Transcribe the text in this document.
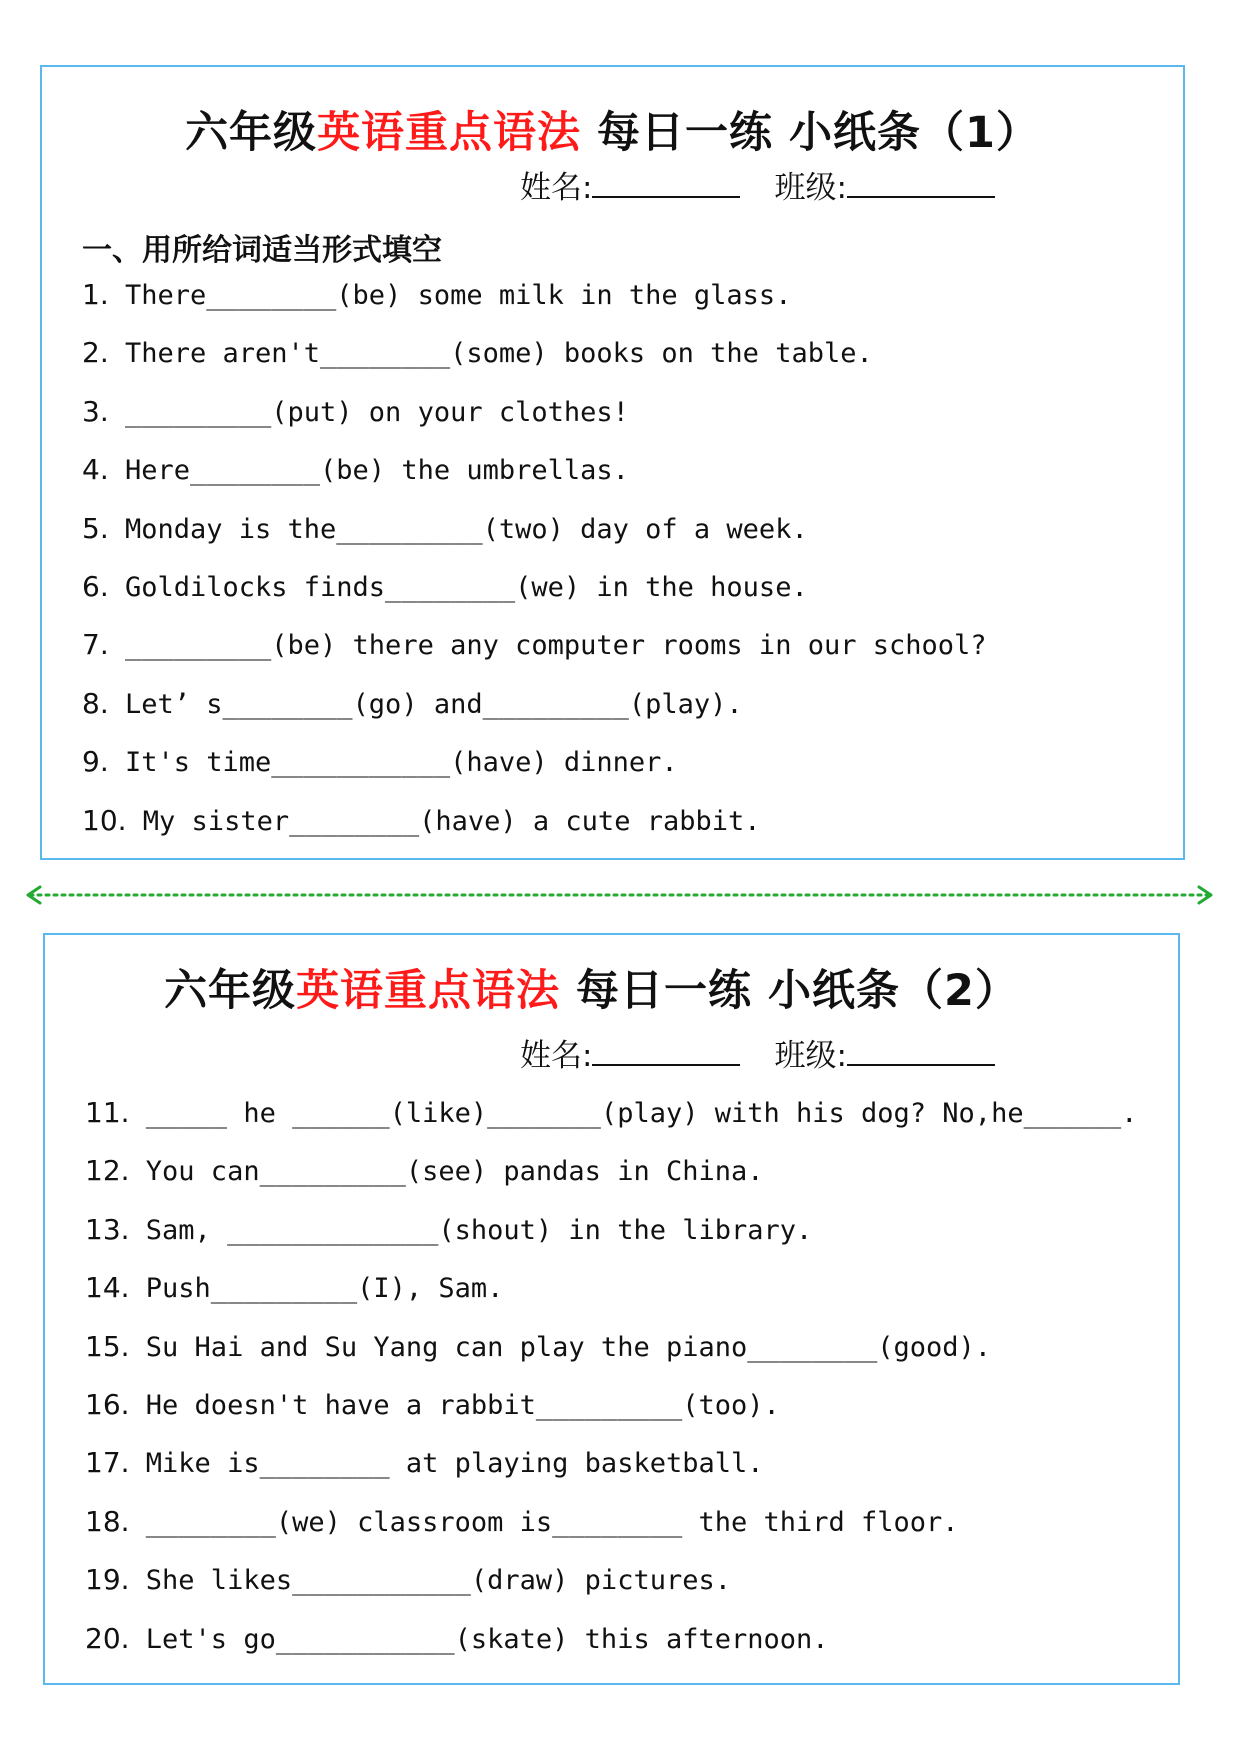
六年级英语重点语法 每日一练 小纸条（1）
姓名:	班级:
一、用所给词适当形式填空
1. There________(be) some milk in the glass.
2. There aren't________(some) books on the table.
3. _________(put) on your clothes!
4. Here________(be) the umbrellas.
5. Monday is the_________(two) day of a week.
6. Goldilocks finds________(we) in the house.
7. _________(be) there any computer rooms in our school?
8. Let’ s________(go) and_________(play).
9. It's time___________(have) dinner.
10. My sister________(have) a cute rabbit.
六年级英语重点语法 每日一练 小纸条（2）
姓名:	班级:
11. _____ he ______(like)_______(play) with his dog? No,he______.
12. You can_________(see) pandas in China.
13. Sam, _____________(shout) in the library.
14. Push_________(I), Sam.
15. Su Hai and Su Yang can play the piano________(good).
16. He doesn't have a rabbit_________(too).
17. Mike is________ at playing basketball.
18. ________(we) classroom is________ the third floor.
19. She likes___________(draw) pictures.
20. Let's go___________(skate) this afternoon.
